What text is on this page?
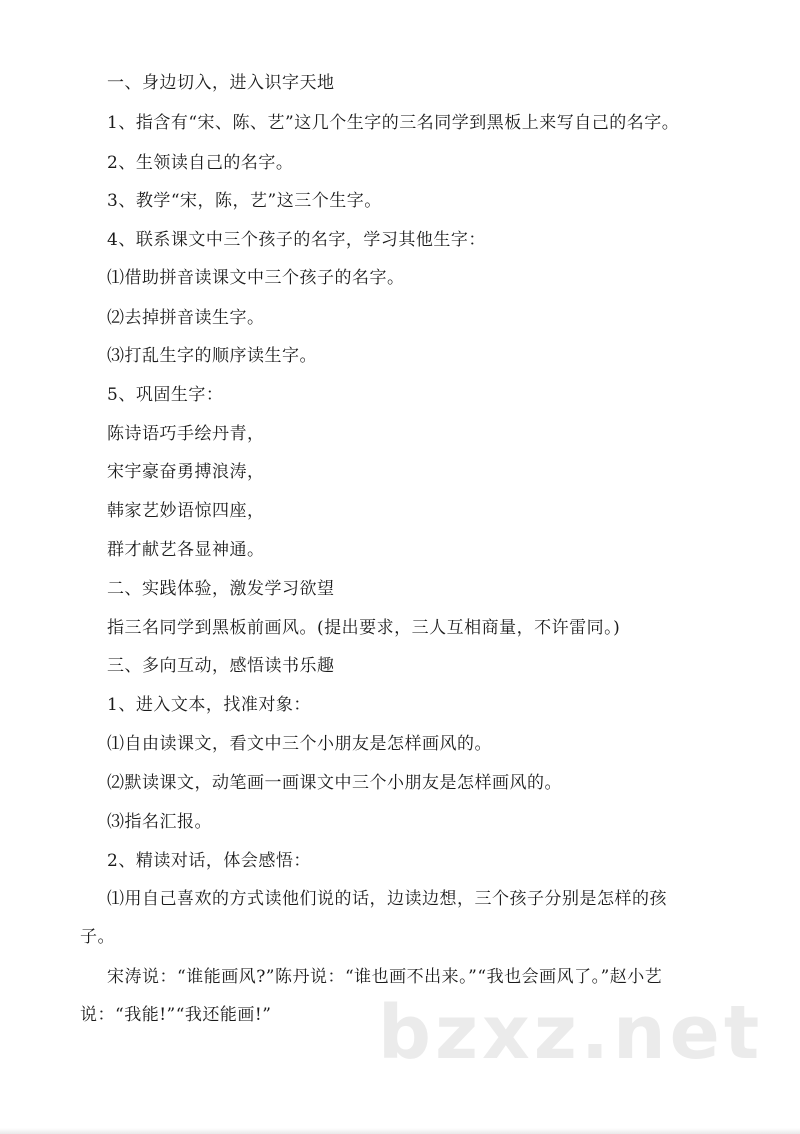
一、身边切入，进入识字天地
1、指含有“宋、陈、艺”这几个生字的三名同学到黑板上来写自己的名字。
2、生领读自己的名字。
3、教学“宋，陈，艺”这三个生字。
4、联系课文中三个孩子的名字，学习其他生字：
⑴借助拼音读课文中三个孩子的名字。
⑵去掉拼音读生字。
⑶打乱生字的顺序读生字。
5、巩固生字：
陈诗语巧手绘丹青，
宋宇豪奋勇搏浪涛，
韩家艺妙语惊四座，
群才献艺各显神通。
二、实践体验，激发学习欲望
指三名同学到黑板前画风。(提出要求，三人互相商量，不许雷同。)
三、多向互动，感悟读书乐趣
1、进入文本，找准对象：
⑴自由读课文，看文中三个小朋友是怎样画风的。
⑵默读课文，动笔画一画课文中三个小朋友是怎样画风的。
⑶指名汇报。
2、精读对话，体会感悟：
⑴用自己喜欢的方式读他们说的话，边读边想，三个孩子分别是怎样的孩子。
宋涛说：“谁能画风?”陈丹说：“谁也画不出来。”“我也会画风了。”赵小艺说：“我能!”“我还能画!”	bzxz.net
